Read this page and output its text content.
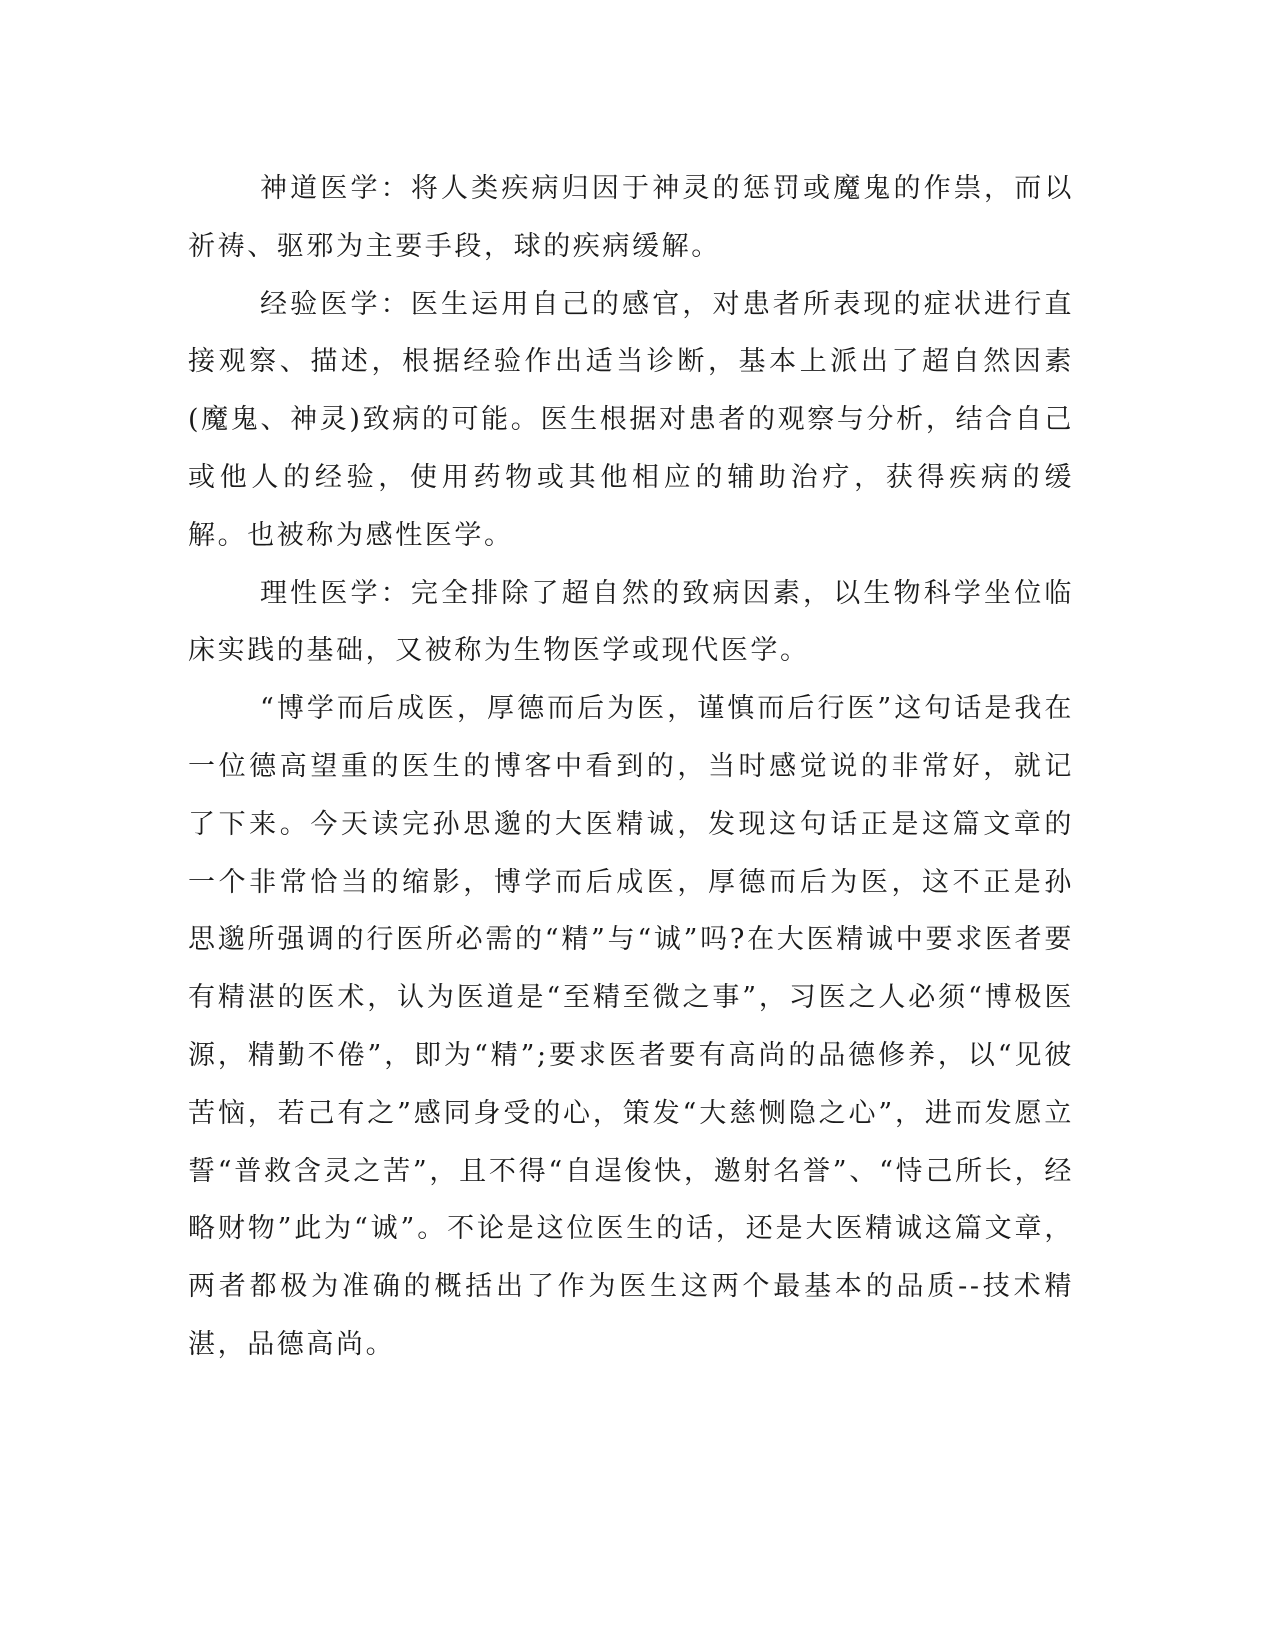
神道医学：将人类疾病归因于神灵的惩罚或魔鬼的作祟，而以祈祷、驱邪为主要手段，球的疾病缓解。

经验医学：医生运用自己的感官，对患者所表现的症状进行直接观察、描述，根据经验作出适当诊断，基本上派出了超自然因素(魔鬼、神灵)致病的可能。医生根据对患者的观察与分析，结合自己或他人的经验，使用药物或其他相应的辅助治疗，获得疾病的缓解。也被称为感性医学。

理性医学：完全排除了超自然的致病因素，以生物科学坐位临床实践的基础，又被称为生物医学或现代医学。

“博学而后成医，厚德而后为医，谨慎而后行医”这句话是我在一位德高望重的医生的博客中看到的，当时感觉说的非常好，就记了下来。今天读完孙思邈的大医精诚，发现这句话正是这篇文章的一个非常恰当的缩影，博学而后成医，厚德而后为医，这不正是孙思邈所强调的行医所必需的“精”与“诚”吗?在大医精诚中要求医者要有精湛的医术，认为医道是“至精至微之事”，习医之人必须“博极医源，精勤不倦”，即为“精”;要求医者要有高尚的品德修养，以“见彼苦恼，若己有之”感同身受的心，策发“大慈恻隐之心”，进而发愿立誓“普救含灵之苦”，且不得“自逞俊快，邀射名誉”、“恃己所长，经略财物”此为“诚”。不论是这位医生的话，还是大医精诚这篇文章，两者都极为准确的概括出了作为医生这两个最基本的品质--技术精湛，品德高尚。
